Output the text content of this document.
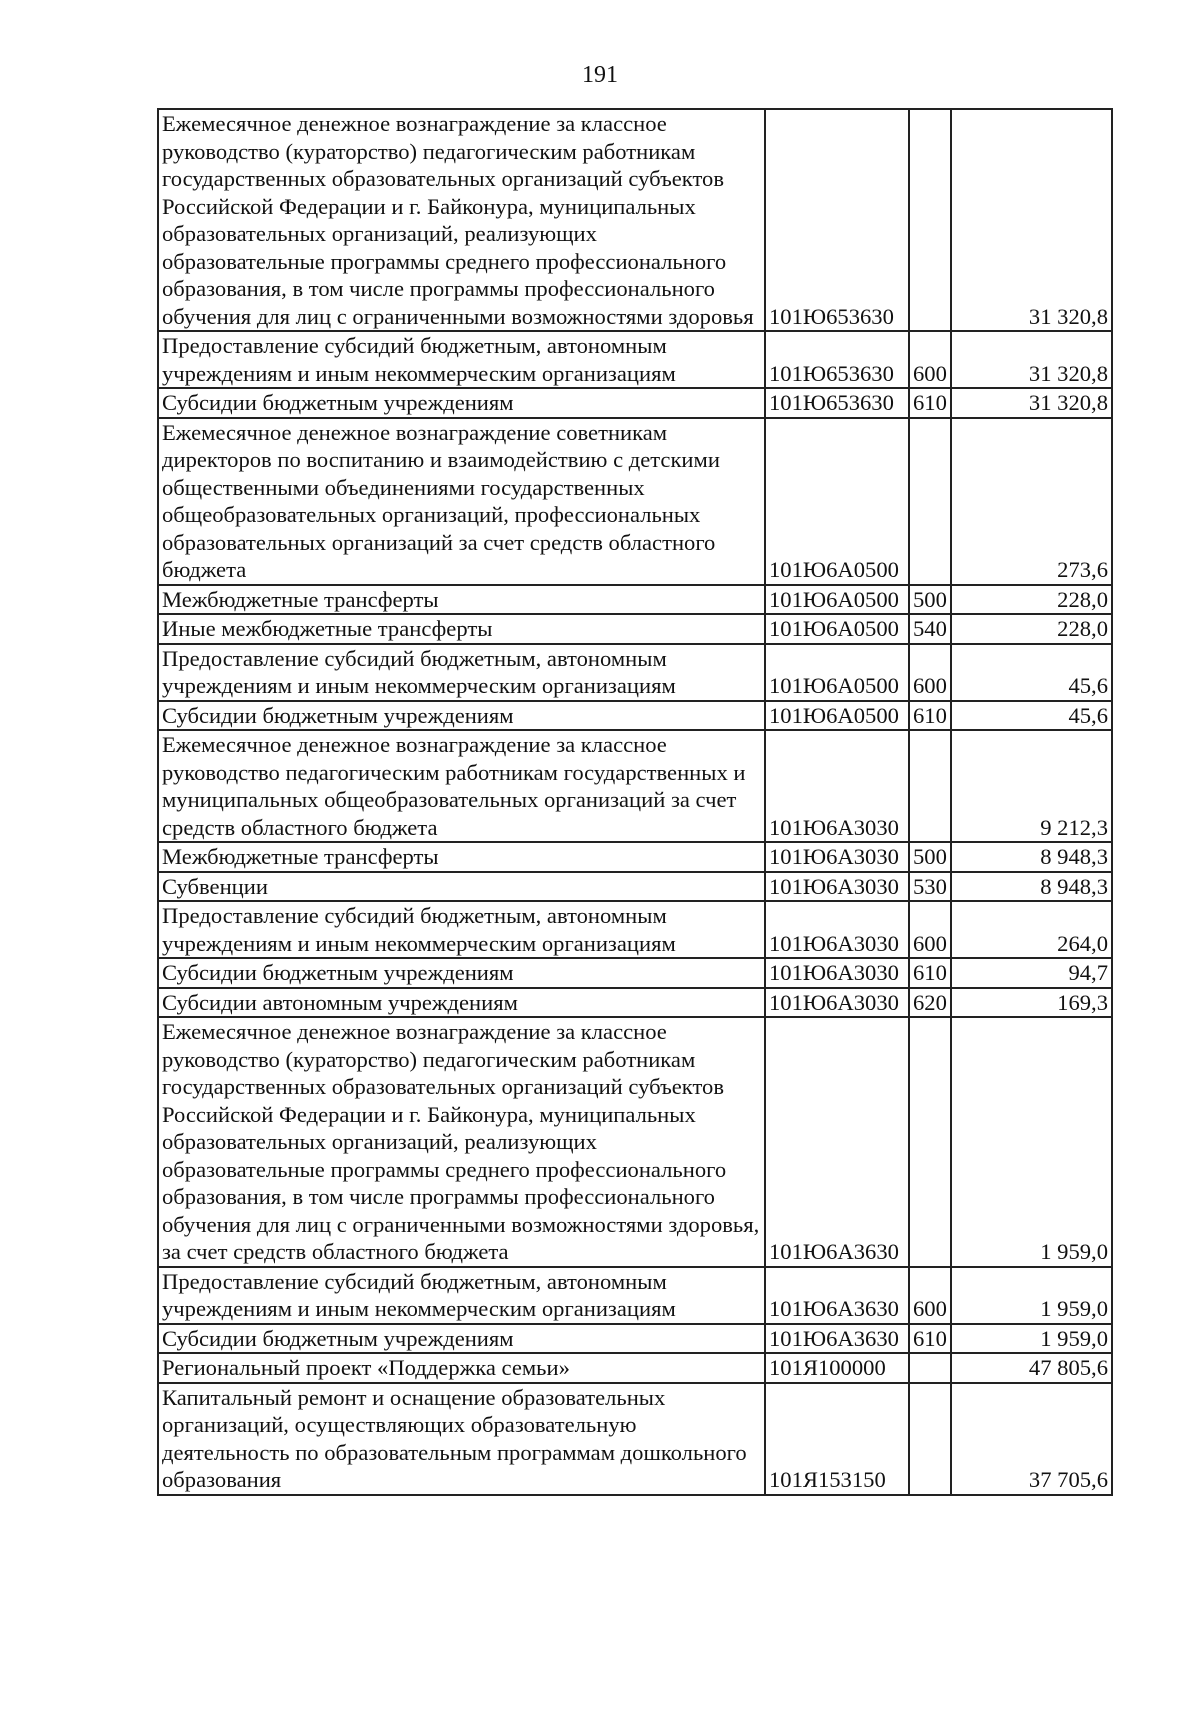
191
Ежемесячное денежное вознаграждение за классное руководство (кураторство) педагогическим работникам государственных образовательных организаций субъектов Российской Федерации и г. Байконура, муниципальных образовательных организаций, реализующих образовательные программы среднего профессионального образования, в том числе программы профессионального обучения для лиц с ограниченными возможностями здоровья	101Ю653630		31 320,8
Предоставление субсидий бюджетным, автономным учреждениям и иным некоммерческим организациям	101Ю653630	600	31 320,8
Субсидии бюджетным учреждениям	101Ю653630	610	31 320,8
Ежемесячное денежное вознаграждение советникам директоров по воспитанию и взаимодействию с детскими общественными объединениями государственных общеобразовательных организаций, профессиональных образовательных организаций за счет средств областного бюджета	101Ю6А0500		273,6
Межбюджетные трансферты	101Ю6А0500	500	228,0
Иные межбюджетные трансферты	101Ю6А0500	540	228,0
Предоставление субсидий бюджетным, автономным учреждениям и иным некоммерческим организациям	101Ю6А0500	600	45,6
Субсидии бюджетным учреждениям	101Ю6А0500	610	45,6
Ежемесячное денежное вознаграждение за классное руководство педагогическим работникам государственных и муниципальных общеобразовательных организаций за счет средств областного бюджета	101Ю6А3030		9 212,3
Межбюджетные трансферты	101Ю6А3030	500	8 948,3
Субвенции	101Ю6А3030	530	8 948,3
Предоставление субсидий бюджетным, автономным учреждениям и иным некоммерческим организациям	101Ю6А3030	600	264,0
Субсидии бюджетным учреждениям	101Ю6А3030	610	94,7
Субсидии автономным учреждениям	101Ю6А3030	620	169,3
Ежемесячное денежное вознаграждение за классное руководство (кураторство) педагогическим работникам государственных образовательных организаций субъектов Российской Федерации и г. Байконура, муниципальных образовательных организаций, реализующих образовательные программы среднего профессионального образования, в том числе программы профессионального обучения для лиц с ограниченными возможностями здоровья, за счет средств областного бюджета	101Ю6А3630		1 959,0
Предоставление субсидий бюджетным, автономным учреждениям и иным некоммерческим организациям	101Ю6А3630	600	1 959,0
Субсидии бюджетным учреждениям	101Ю6А3630	610	1 959,0
Региональный проект «Поддержка семьи»	101Я100000		47 805,6
Капитальный ремонт и оснащение образовательных организаций, осуществляющих образовательную деятельность по образовательным программам дошкольного образования	101Я153150		37 705,6
